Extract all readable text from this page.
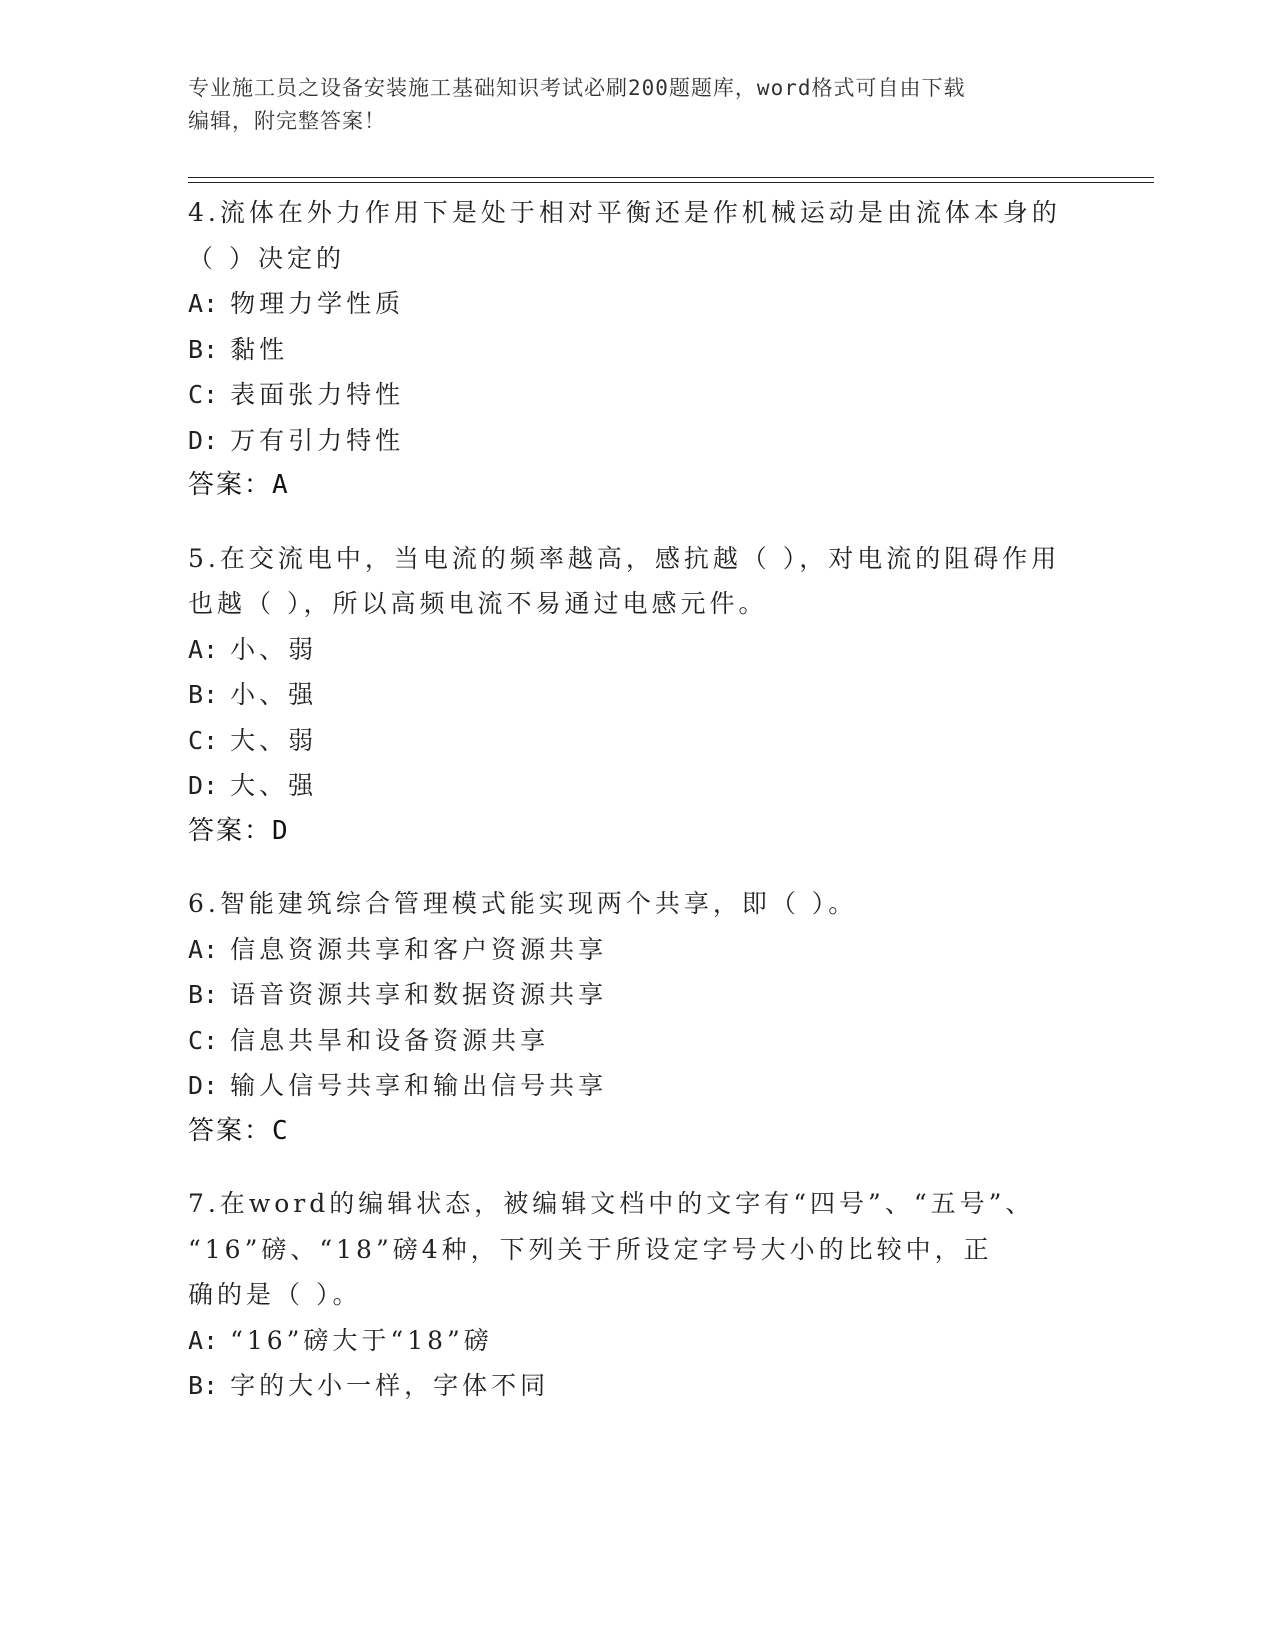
专业施工员之设备安装施工基础知识考试必刷200题题库，word格式可自由下载
编辑，附完整答案！
4.流体在外力作用下是处于相对平衡还是作机械运动是由流体本身的
（ ）决定的
A: 物理力学性质
B: 黏性
C: 表面张力特性
D: 万有引力特性
答案：A
5.在交流电中，当电流的频率越高，感抗越（ ），对电流的阻碍作用
也越（ ），所以高频电流不易通过电感元件。
A: 小、弱
B: 小、强
C: 大、弱
D: 大、强
答案：D
6.智能建筑综合管理模式能实现两个共享，即（ ）。
A: 信息资源共享和客户资源共享
B: 语音资源共享和数据资源共享
C: 信息共旱和设备资源共享
D: 输人信号共享和输出信号共享
答案：C
7.在word的编辑状态，被编辑文档中的文字有“四号”、“五号”、
“16”磅、“18”磅4种，下列关于所设定字号大小的比较中，正
确的是（ ）。
A: “16”磅大于“18”磅
B: 字的大小一样，字体不同
